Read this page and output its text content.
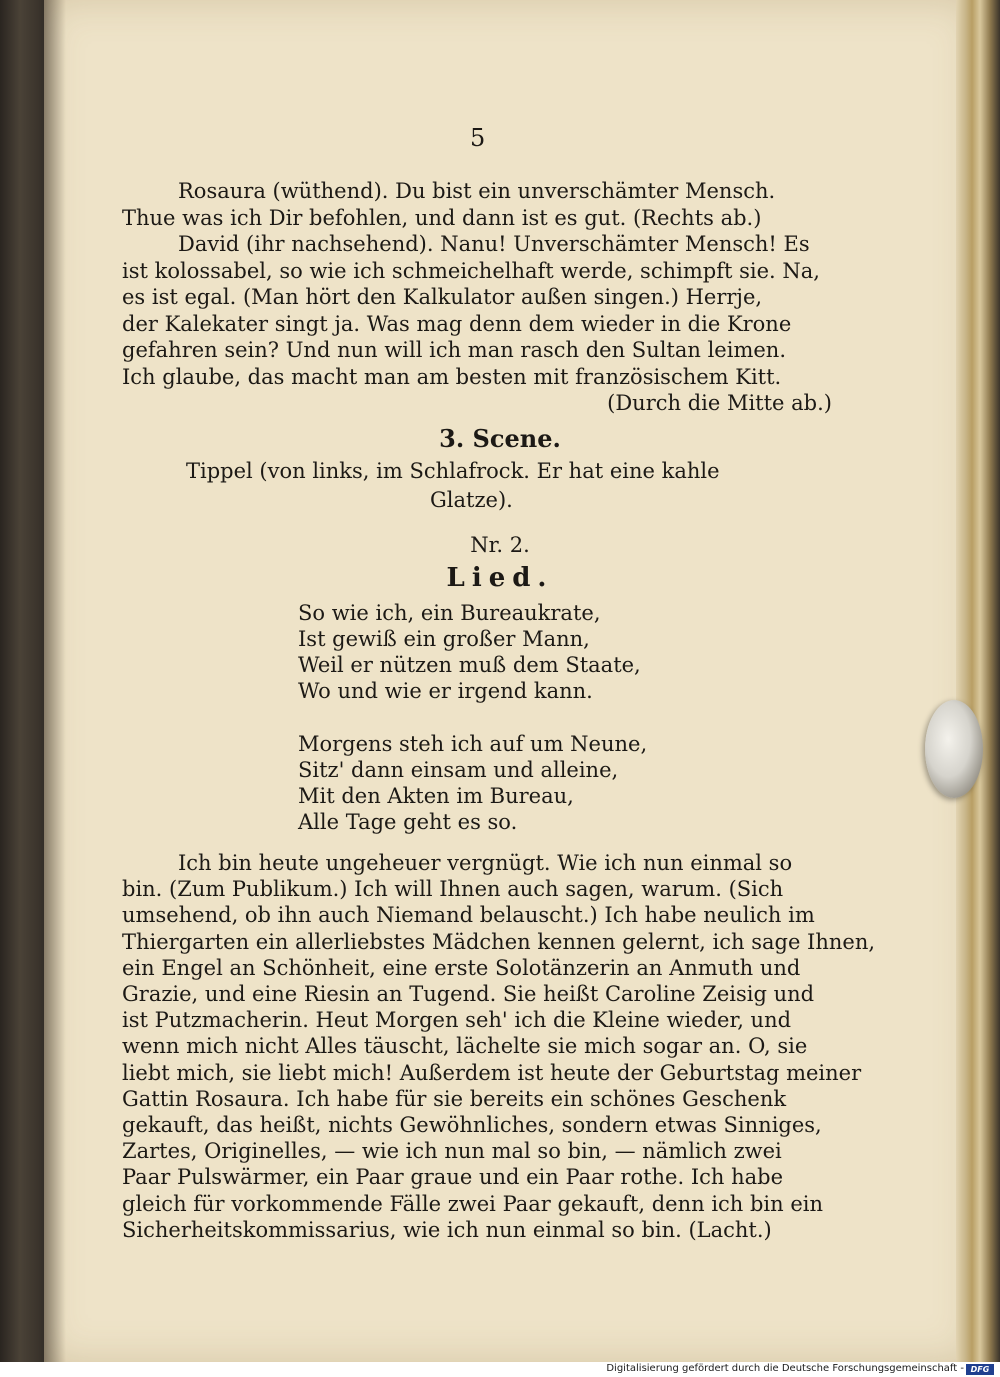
5
Rosaura (wüthend). Du bist ein unverschämter Mensch.
Thue was ich Dir befohlen, und dann ist es gut. (Rechts ab.)
David (ihr nachsehend). Nanu! Unverschämter Mensch! Es
ist kolossabel, so wie ich schmeichelhaft werde, schimpft sie. Na,
es ist egal. (Man hört den Kalkulator außen singen.) Herrje,
der Kalekater singt ja. Was mag denn dem wieder in die Krone
gefahren sein? Und nun will ich man rasch den Sultan leimen.
Ich glaube, das macht man am besten mit französischem Kitt.
(Durch die Mitte ab.)
3. Scene.
Tippel (von links, im Schlafrock. Er hat eine kahle
Glatze).
Nr. 2.
Lied.
So wie ich, ein Bureaukrate,
Ist gewiß ein großer Mann,
Weil er nützen muß dem Staate,
Wo und wie er irgend kann.
Morgens steh ich auf um Neune,
Sitz' dann einsam und alleine,
Mit den Akten im Bureau,
Alle Tage geht es so.
Ich bin heute ungeheuer vergnügt. Wie ich nun einmal so
bin. (Zum Publikum.) Ich will Ihnen auch sagen, warum. (Sich
umsehend, ob ihn auch Niemand belauscht.) Ich habe neulich im
Thiergarten ein allerliebstes Mädchen kennen gelernt, ich sage Ihnen,
ein Engel an Schönheit, eine erste Solotänzerin an Anmuth und
Grazie, und eine Riesin an Tugend. Sie heißt Caroline Zeisig und
ist Putzmacherin. Heut Morgen seh' ich die Kleine wieder, und
wenn mich nicht Alles täuscht, lächelte sie mich sogar an. O, sie
liebt mich, sie liebt mich! Außerdem ist heute der Geburtstag meiner
Gattin Rosaura. Ich habe für sie bereits ein schönes Geschenk
gekauft, das heißt, nichts Gewöhnliches, sondern etwas Sinniges,
Zartes, Originelles, — wie ich nun mal so bin, — nämlich zwei
Paar Pulswärmer, ein Paar graue und ein Paar rothe. Ich habe
gleich für vorkommende Fälle zwei Paar gekauft, denn ich bin ein
Sicherheitskommissarius, wie ich nun einmal so bin. (Lacht.)
Digitalisierung gefördert durch die Deutsche Forschungsgemeinschaft - DFG
